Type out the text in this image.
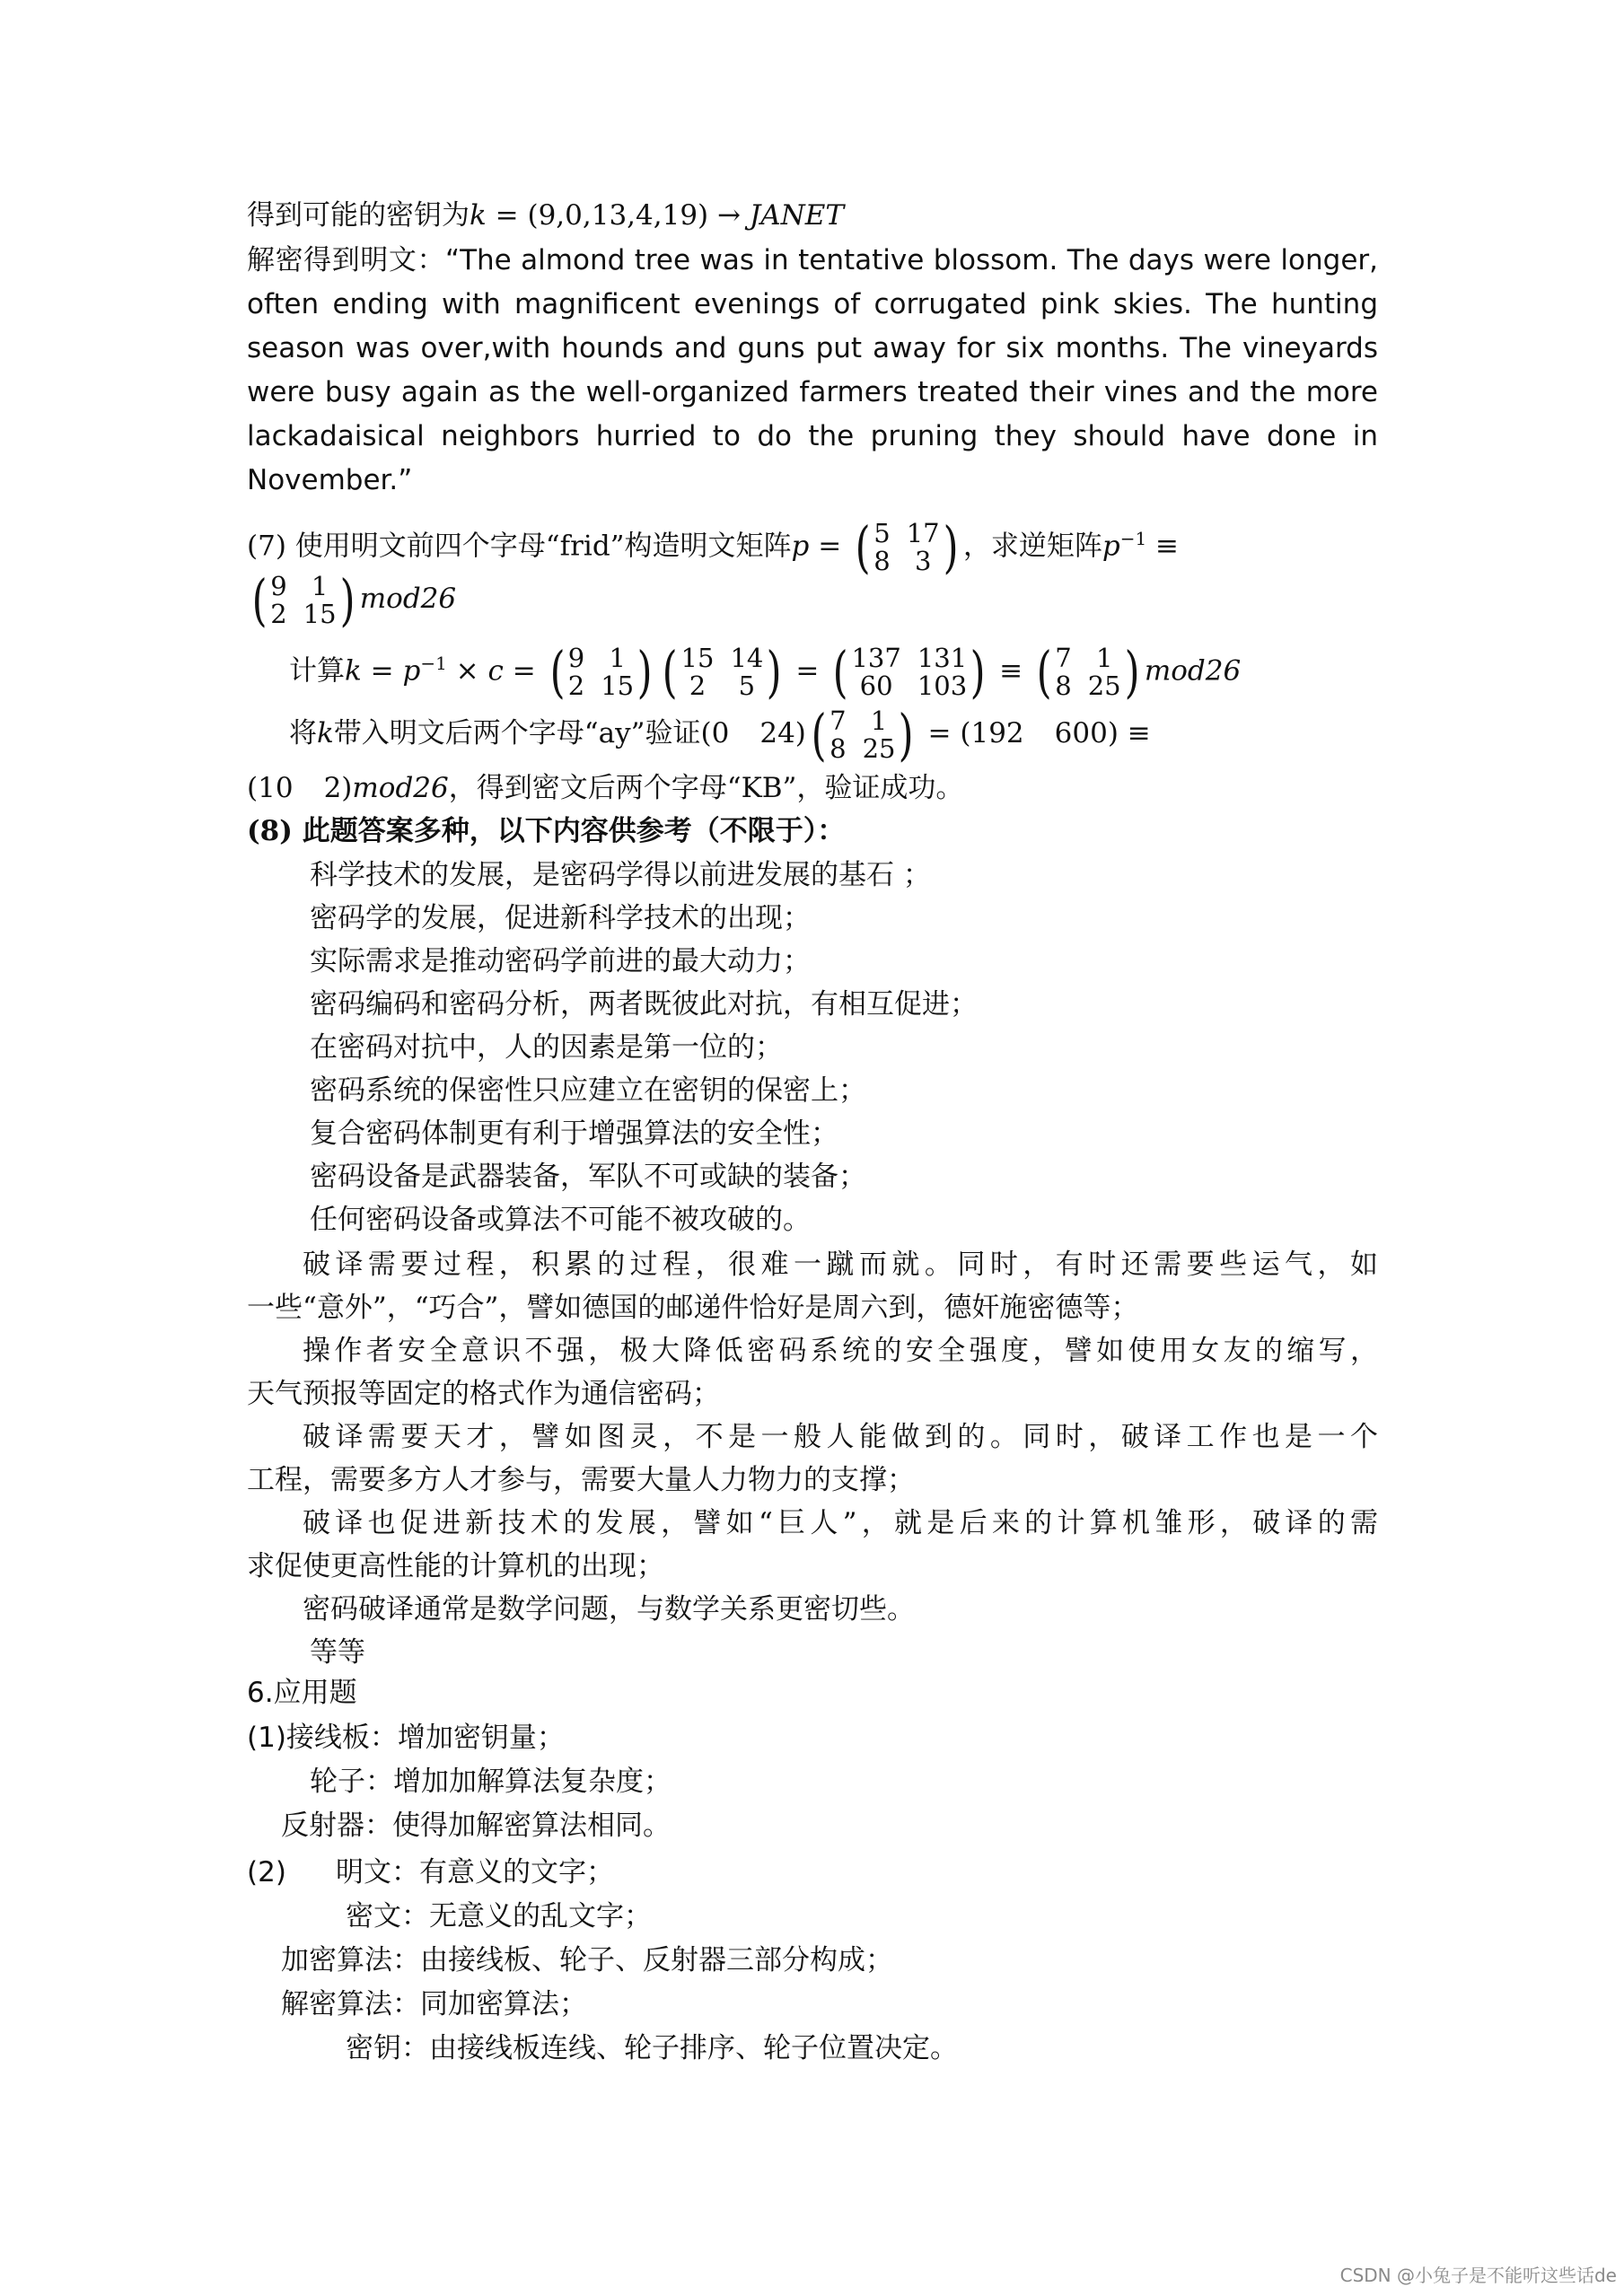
得到可能的密钥为k = (9,0,13,4,19) → JANET
解密得到明文：“The almond tree was in tentative blossom. The days were longer,
often ending with magnificent evenings of corrugated pink skies. The hunting
season was over,with hounds and guns put away for six months. The vineyards
were busy again as the well-organized farmers treated their vines and the more
lackadaisical neighbors hurried to do the pruning they should have done in
November.”
(7) 使用明文前四个字母“frid”构造明文矩阵p = ( 5 17
8 3 ) ，求逆矩阵$p^{-1}$ ≡
( 9 1
2 15 ) mod26
计算$k = p^{-1} \times c$ = ( 9 1
2 15 ) ( 15 14
2	5 ) = ( 137 131
60 103 ) ≡ ( 7 1
8 25 ) mod26
将k带入明文后两个字母“ay”验证(0 24) ( 7 1
8 25 ) = (192 600) ≡
(10 2)mod26，得到密文后两个字母“KB”，验证成功。
(8) 此题答案多种，以下内容供参考（不限于）：
科学技术的发展，是密码学得以前进发展的基石 ；
密码学的发展，促进新科学技术的出现；
实际需求是推动密码学前进的最大动力；
密码编码和密码分析，两者既彼此对抗，有相互促进；
在密码对抗中，人的因素是第一位的；
密码系统的保密性只应建立在密钥的保密上；
复合密码体制更有利于增强算法的安全性；
密码设备是武器装备，军队不可或缺的装备；
任何密码设备或算法不可能不被攻破的。
破译需要过程，积累的过程，很难一蹴而就。同时，有时还需要些运气，如
一些“意外”，“巧合”，譬如德国的邮递件恰好是周六到，德奸施密德等；
操作者安全意识不强，极大降低密码系统的安全强度，譬如使用女友的缩写，
天气预报等固定的格式作为通信密码；
破译需要天才，譬如图灵，不是一般人能做到的。同时，破译工作也是一个
工程，需要多方人才参与，需要大量人力物力的支撑；
破译也促进新技术的发展，譬如“巨人”，就是后来的计算机雏形，破译的需
求促使更高性能的计算机的出现；
密码破译通常是数学问题，与数学关系更密切些。
等等
6.应用题
(1)接线板：增加密钥量；
轮子：增加加解算法复杂度；
反射器：使得加解密算法相同。
(2) 明文：有意义的文字；
密文：无意义的乱文字；
加密算法：由接线板、轮子、反射器三部分构成；
解密算法：同加密算法；
密钥：由接线板连线、轮子排序、轮子位置决定。
CSDN @小兔子是不能听这些话de
